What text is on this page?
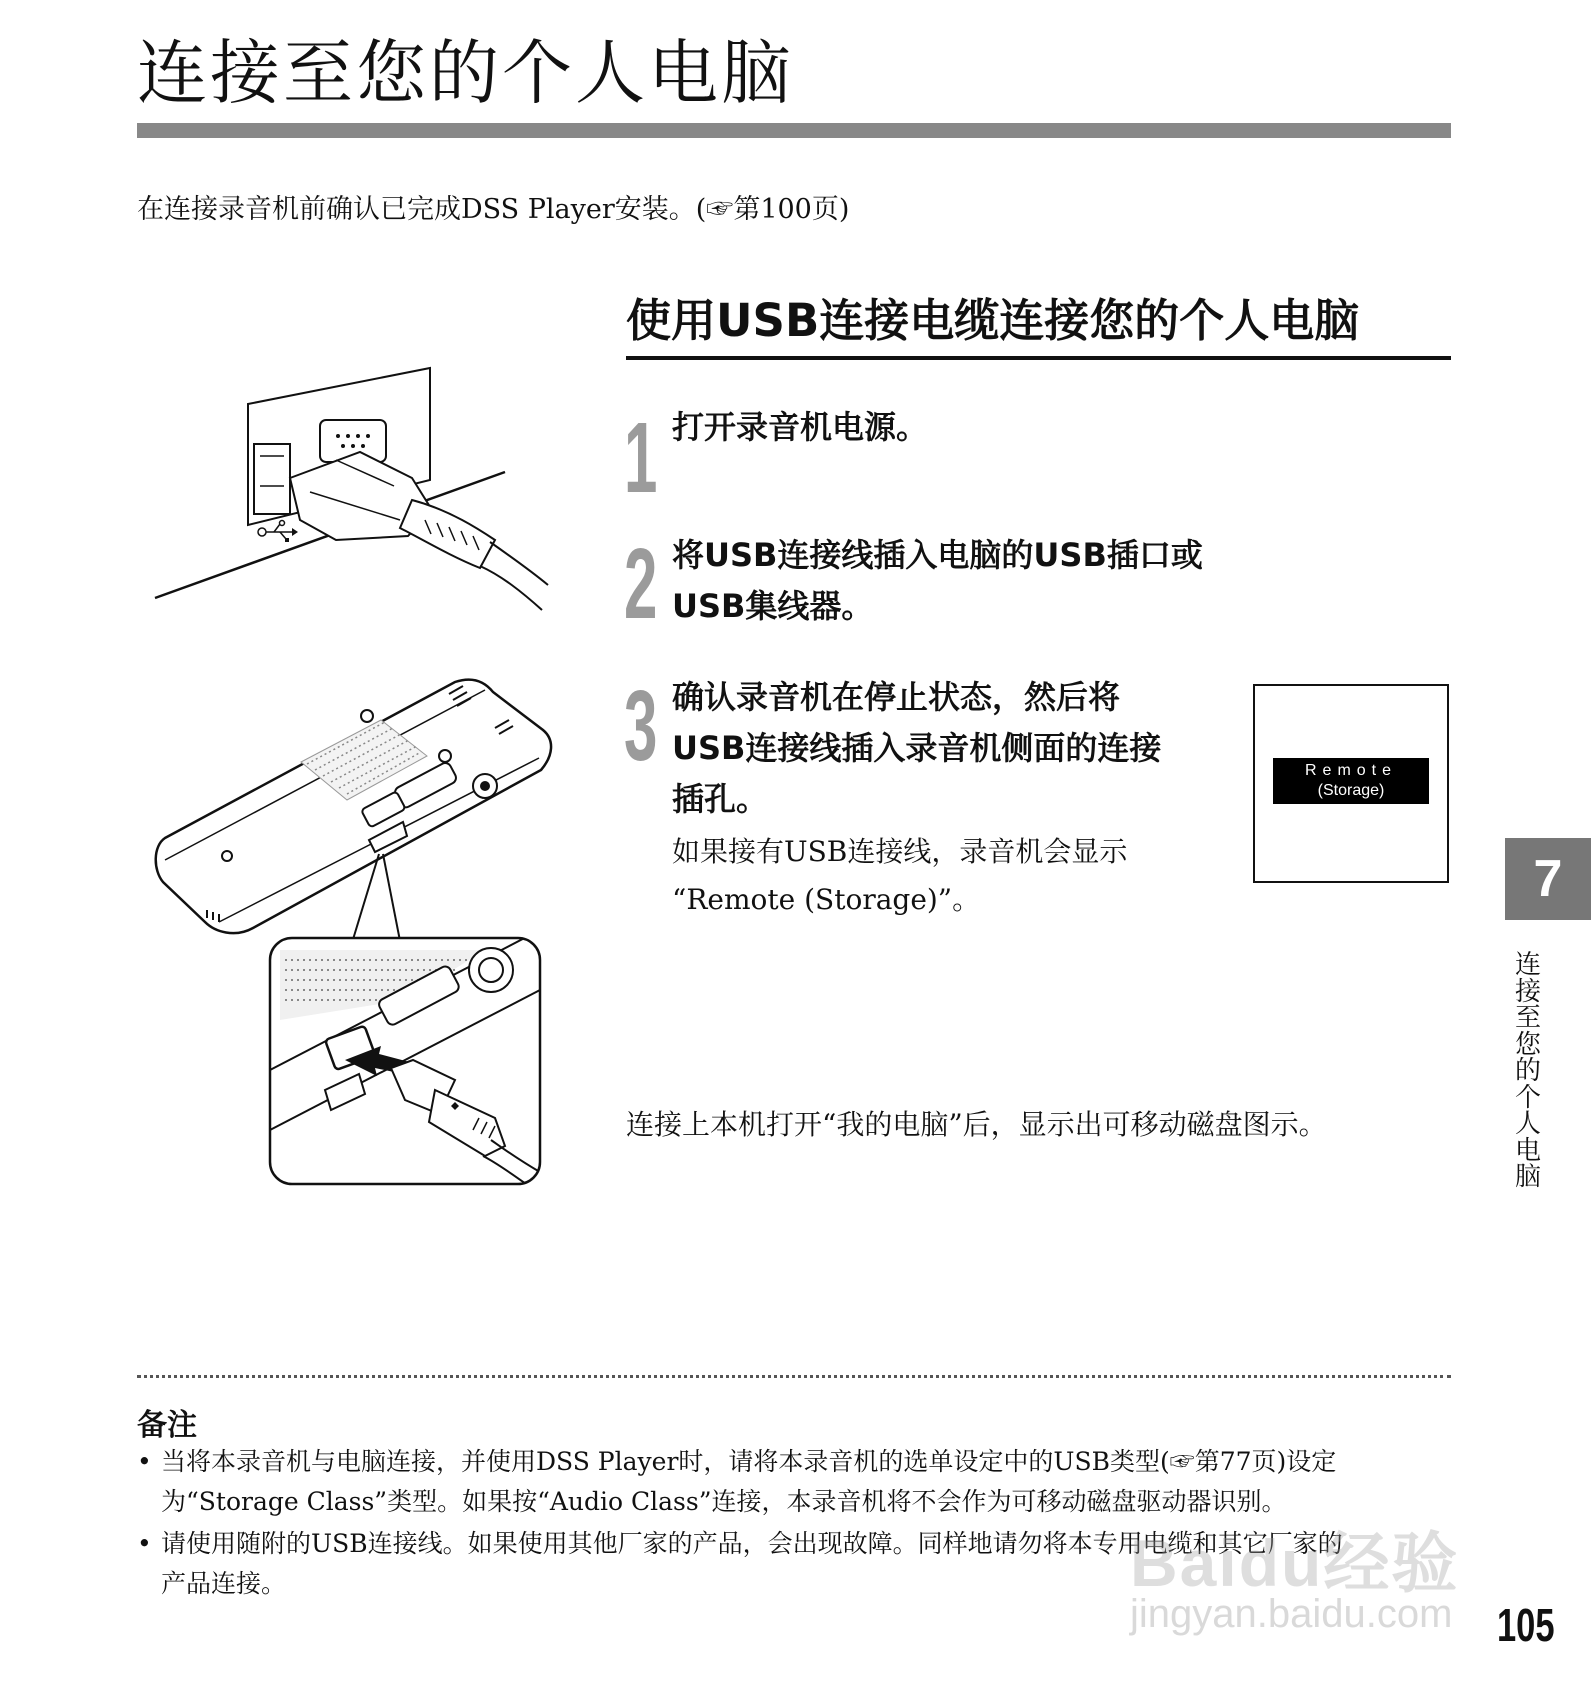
连接至您的个人电脑
在连接录音机前确认已完成DSS Player安装。(☞第100页)
使用USB连接电缆连接您的个人电脑
1 打开录音机电源。
2 将USB连接线插入电脑的USB插口或
USB集线器。
3 确认录音机在停止状态，然后将
USB连接线插入录音机侧面的连接
插孔。
如果接有USB连接线，录音机会显示
“Remote (Storage)”。
Remote
(Storage)
连接上本机打开“我的电脑”后，显示出可移动磁盘图示。
7
连接至您的个人电脑
备注
• 当将本录音机与电脑连接，并使用DSS Player时，请将本录音机的选单设定中的USB类型(☞第77页)设定
为“Storage Class”类型。如果按“Audio Class”连接，本录音机将不会作为可移动磁盘驱动器识别。
• 请使用随附的USB连接线。如果使用其他厂家的产品，会出现故障。同样地请勿将本专用电缆和其它厂家的
产品连接。	Baidu经验
jingyan.baidu.com 105
